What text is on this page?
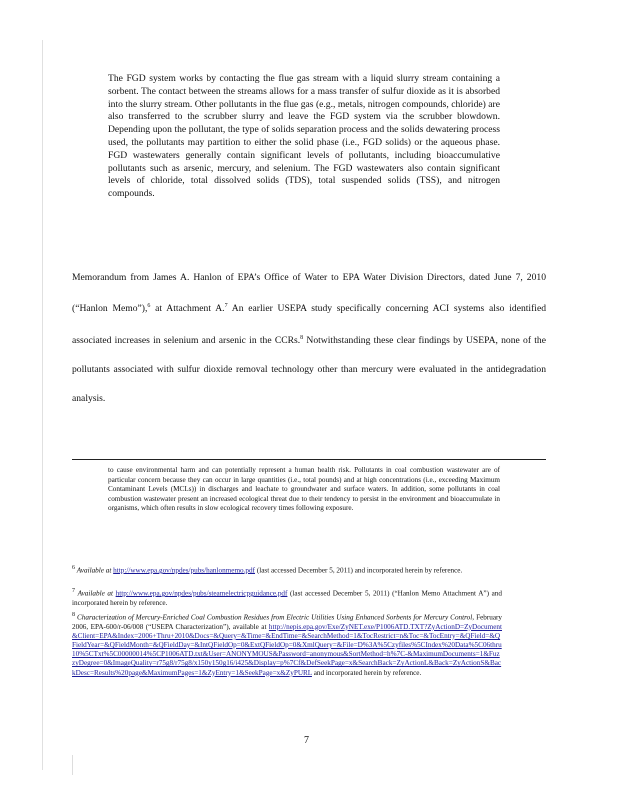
The FGD system works by contacting the flue gas stream with a liquid slurry stream containing a sorbent. The contact between the streams allows for a mass transfer of sulfur dioxide as it is absorbed into the slurry stream. Other pollutants in the flue gas (e.g., metals, nitrogen compounds, chloride) are also transferred to the scrubber slurry and leave the FGD system via the scrubber blowdown. Depending upon the pollutant, the type of solids separation process and the solids dewatering process used, the pollutants may partition to either the solid phase (i.e., FGD solids) or the aqueous phase. FGD wastewaters generally contain significant levels of pollutants, including bioaccumulative pollutants such as arsenic, mercury, and selenium. The FGD wastewaters also contain significant levels of chloride, total dissolved solids (TDS), total suspended solids (TSS), and nitrogen compounds.
Memorandum from James A. Hanlon of EPA’s Office of Water to EPA Water Division Directors, dated June 7, 2010 (“Hanlon Memo”),$^6$ at Attachment A.$^7$ An earlier USEPA study specifically concerning ACI systems also identified associated increases in selenium and arsenic in the CCRs.$^8$ Notwithstanding these clear findings by USEPA, none of the pollutants associated with sulfur dioxide removal technology other than mercury were evaluated in the antidegradation analysis.
to cause environmental harm and can potentially represent a human health risk. Pollutants in coal combustion wastewater are of particular concern because they can occur in large quantities (i.e., total pounds) and at high concentrations (i.e., exceeding Maximum Contaminant Levels (MCLs)) in discharges and leachate to groundwater and surface waters. In addition, some pollutants in coal combustion wastewater present an increased ecological threat due to their tendency to persist in the environment and bioaccumulate in organisms, which often results in slow ecological recovery times following exposure.
$^6$ Available at http://www.epa.gov/npdes/pubs/hanlonmemo.pdf (last accessed December 5, 2011) and incorporated herein by reference.
$^7$ Available at http://www.epa.gov/npdes/pubs/steamelectricpguidance.pdf (last accessed December 5, 2011) (“Hanlon Memo Attachment A”) and incorporated herein by reference.
$^8$ Characterization of Mercury-Enriched Coal Combustion Residues from Electric Utilities Using Enhanced Sorbents for Mercury Control, February 2006, EPA-600/r-06/008 (“USEPA Characterization”), available at http://nepis.epa.gov/Exe/ZyNET.exe/P1006ATD.TXT?ZyActionD=ZyDocument&Client=EPA&Index=2006+Thru+2010&Docs=&Query=&Time=&EndTime=&SearchMethod=1&TocRestrict=n&Toc=&TocEntry=&QField=&QFieldYear=&QFieldMonth=&QFieldDay=&IntQFieldOp=0&ExtQFieldOp=0&XmlQuery=&File=D%3A%5Czyfiles%5CIndex%20Data%5C06thru10%5CTxt%5C00000014%5CP1006ATD.txt&User=ANONYMOUS&Password=anonymous&SortMethod=h%7C-&MaximumDocuments=1&FuzzyDegree=0&ImageQuality=r75g8/r75g8/x150y150g16/i425&Display=p%7Cf&DefSeekPage=x&SearchBack=ZyActionL&Back=ZyActionS&BackDesc=Results%20page&MaximumPages=1&ZyEntry=1&SeekPage=x&ZyPURL and incorporated herein by reference.
7
